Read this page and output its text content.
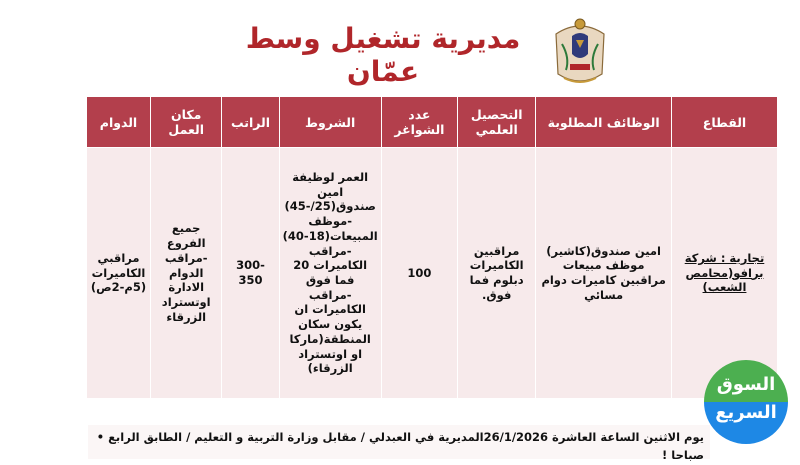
مديرية تشغيل وسط عمّان
القطاع	الوظائف المطلوبة	التحصيل العلمي	عدد الشواغر	الشروط	الراتب	مكان العمل	الدوام
تجارية : شركة برافو(محامص الشعب)	امين صندوق(كاشير) موظف مبيعات مراقبين كاميرات دوام مسائي	مراقبين الكاميرات دبلوم فما فوق.	100	العمر لوظيفة امين صندوق(25/-45) -موظف المبيعات(18-40) -مراقب الكاميرات 20 فما فوق -مراقب الكاميرات ان يكون سكان المنطقة(ماركا او اوتستراد الزرقاء)	300-350	جميع الفروع -مراقب الدوام الادارة اوتستراد الزرقاء	مراقبي الكاميرات (5م-2ص)
يوم الاثنين الساعة العاشرة 26/1/2026المديرية في العبدلي / مقابل وزارة التربية و التعليم / الطابق الرابع •
صباحا !
السوق
السريع
